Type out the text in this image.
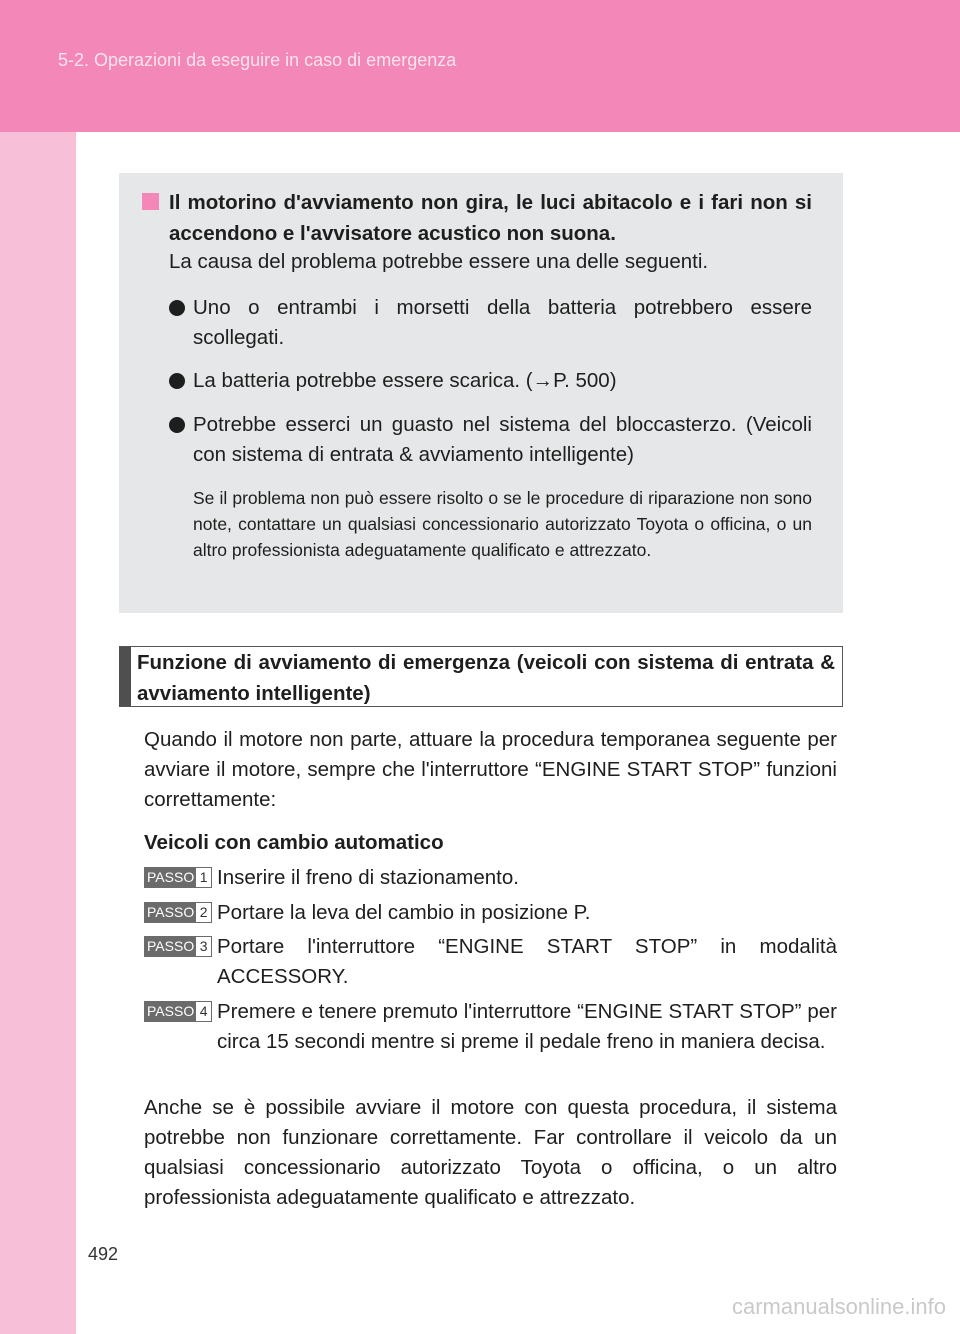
5-2. Operazioni da eseguire in caso di emergenza
Il motorino d'avviamento non gira, le luci abitacolo e i fari non si accendono e l'avvisatore acustico non suona.
La causa del problema potrebbe essere una delle seguenti.
Uno o entrambi i morsetti della batteria potrebbero essere scollegati.
La batteria potrebbe essere scarica. (→P. 500)
Potrebbe esserci un guasto nel sistema del bloccasterzo. (Veicoli con sistema di entrata & avviamento intelligente)
Se il problema non può essere risolto o se le procedure di riparazione non sono note, contattare un qualsiasi concessionario autorizzato Toyota o officina, o un altro professionista adeguatamente qualificato e attrezzato.
Funzione di avviamento di emergenza (veicoli con sistema di entrata & avviamento intelligente)
Quando il motore non parte, attuare la procedura temporanea seguente per avviare il motore, sempre che l'interruttore “ENGINE START STOP” funzioni correttamente:
Veicoli con cambio automatico
PASSO 1 Inserire il freno di stazionamento.
PASSO 2 Portare la leva del cambio in posizione P.
PASSO 3 Portare l'interruttore “ENGINE START STOP” in modalità ACCESSORY.
PASSO 4 Premere e tenere premuto l'interruttore “ENGINE START STOP” per circa 15 secondi mentre si preme il pedale freno in maniera decisa.
Anche se è possibile avviare il motore con questa procedura, il sistema potrebbe non funzionare correttamente. Far controllare il veicolo da un qualsiasi concessionario autorizzato Toyota o officina, o un altro professionista adeguatamente qualificato e attrezzato.
492
carmanualsonline.info
